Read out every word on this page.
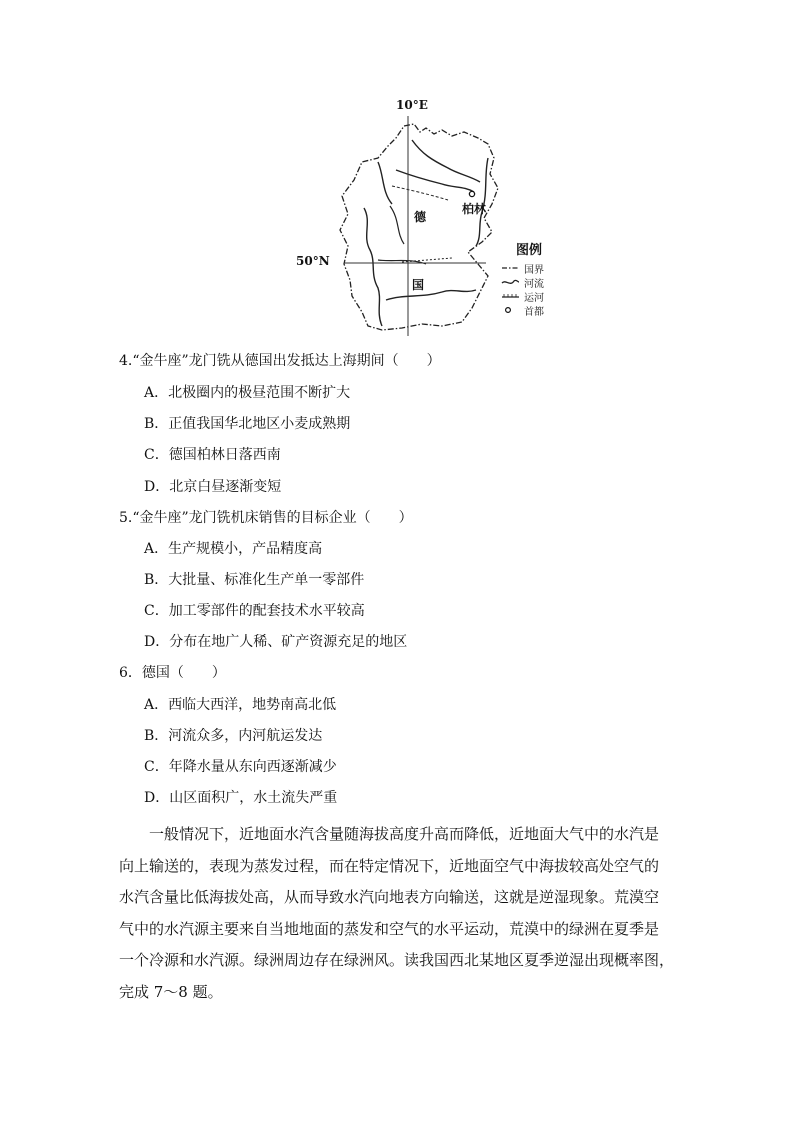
10°E
50°N
德
国
柏林
图例
国界
河流
运河
首都
4.“金牛座”龙门铣从德国出发抵达上海期间（　　）
A．北极圈内的极昼范围不断扩大
B．正值我国华北地区小麦成熟期
C．德国柏林日落西南
D．北京白昼逐渐变短
5.“金牛座”龙门铣机床销售的目标企业（　　）
A．生产规模小，产品精度高
B．大批量、标准化生产单一零部件
C．加工零部件的配套技术水平较高
D．分布在地广人稀、矿产资源充足的地区
6．德国（　　）
A．西临大西洋，地势南高北低
B．河流众多，内河航运发达
C．年降水量从东向西逐渐减少
D．山区面积广，水土流失严重

一般情况下，近地面水汽含量随海拔高度升高而降低，近地面大气中的水汽是

向上输送的，表现为蒸发过程，而在特定情况下，近地面空气中海拔较高处空气的

水汽含量比低海拔处高，从而导致水汽向地表方向输送，这就是逆湿现象。荒漠空

气中的水汽源主要来自当地地面的蒸发和空气的水平运动，荒漠中的绿洲在夏季是

一个冷源和水汽源。绿洲周边存在绿洲风。读我国西北某地区夏季逆湿出现概率图，

完成 7～8 题。
